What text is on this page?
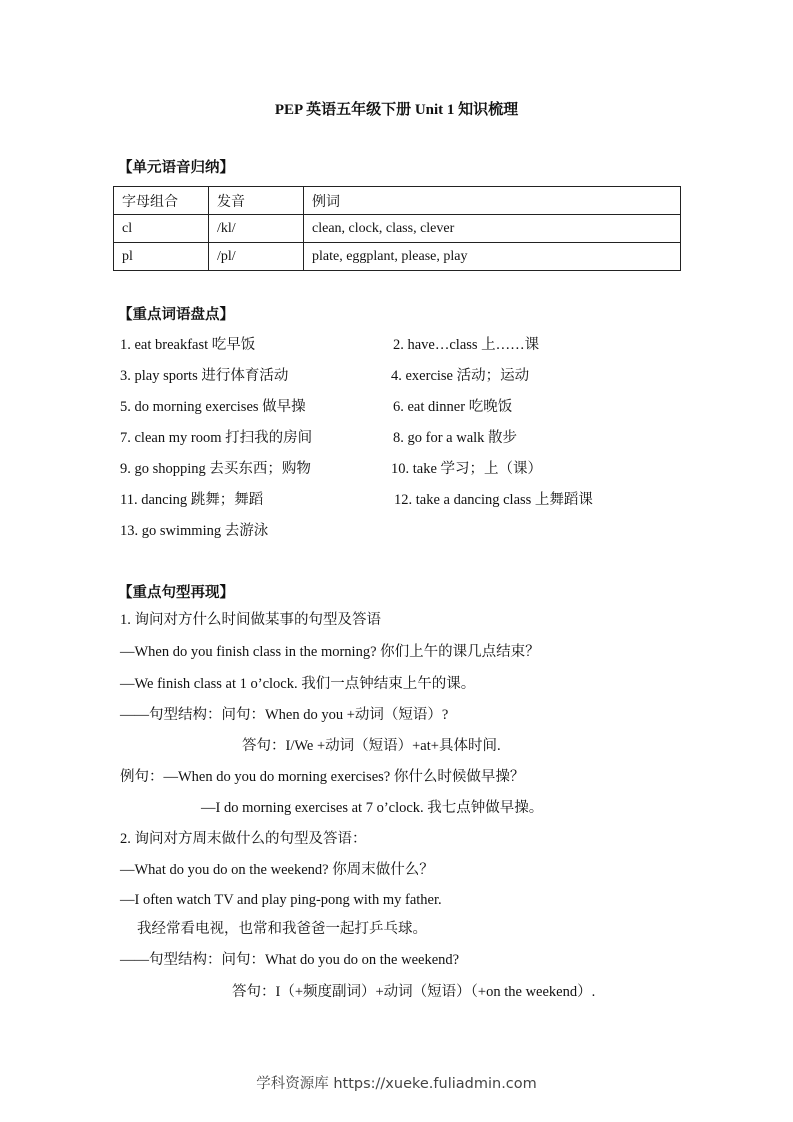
PEP 英语五年级下册 Unit 1 知识梳理
【单元语音归纳】
字母组合	发音	例词
cl	/kl/	clean, clock, class, clever
pl	/pl/	plate, eggplant, please, play
【重点词语盘点】
1. eat breakfast 吃早饭	2. have…class 上……课
3. play sports 进行体育活动	4. exercise 活动；运动
5. do morning exercises 做早操	6. eat dinner 吃晚饭
7. clean my room 打扫我的房间	8. go for a walk 散步
9. go shopping 去买东西；购物	10. take 学习；上（课）
11. dancing 跳舞；舞蹈	12. take a dancing class 上舞蹈课
13. go swimming 去游泳
【重点句型再现】
1. 询问对方什么时间做某事的句型及答语
—When do you finish class in the morning? 你们上午的课几点结束？
—We finish class at 1 o’clock. 我们一点钟结束上午的课。
——句型结构：问句：When do you +动词（短语）?
答句：I/We +动词（短语）+at+具体时间.
例句：—When do you do morning exercises? 你什么时候做早操？
—I do morning exercises at 7 o’clock. 我七点钟做早操。
2. 询问对方周末做什么的句型及答语：
—What do you do on the weekend? 你周末做什么？
—I often watch TV and play ping-pong with my father.
我经常看电视，也常和我爸爸一起打乒乓球。
——句型结构：问句：What do you do on the weekend?
答句：I（+频度副词）+动词（短语）（+on the weekend）.
学科资源库 https://xueke.fuliadmin.com
